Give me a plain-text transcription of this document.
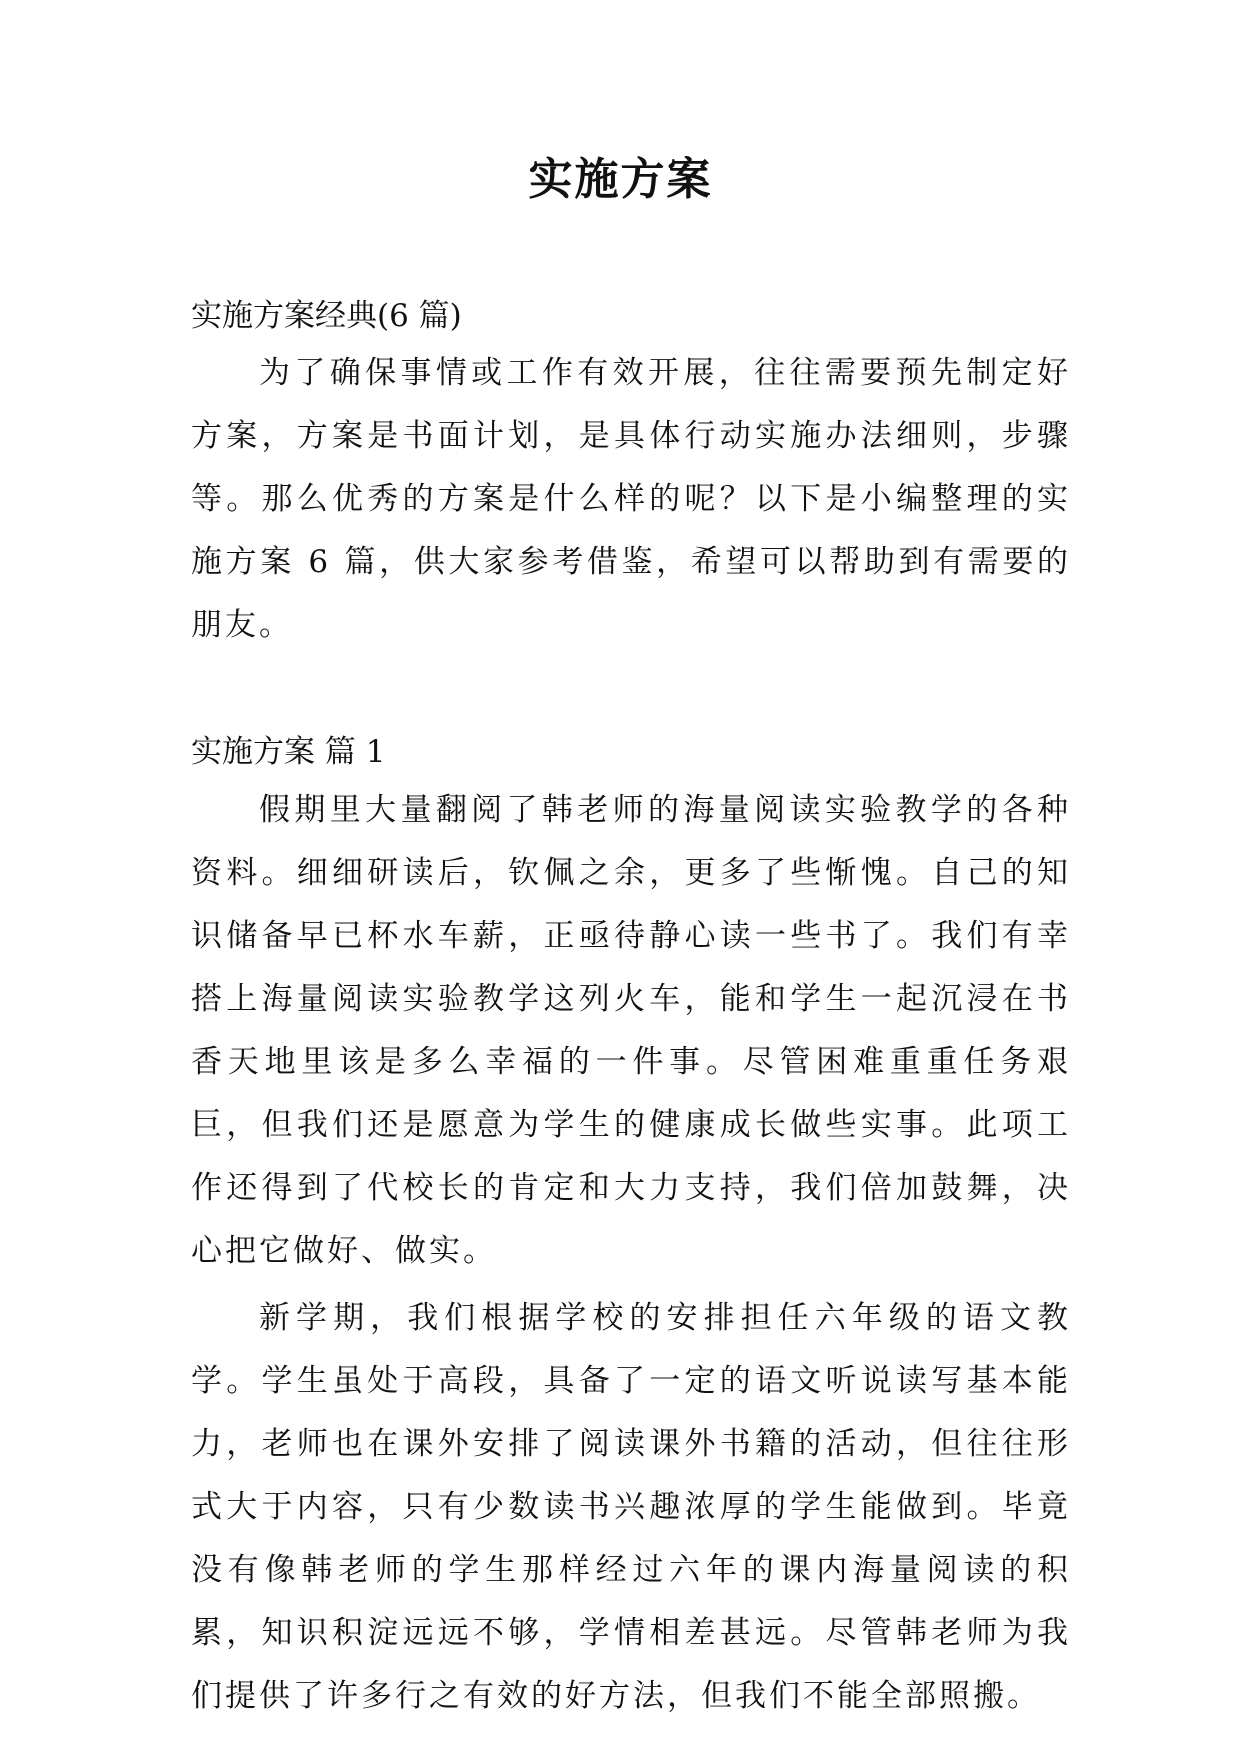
实施方案

实施方案经典(6 篇)

为了确保事情或工作有效开展，往往需要预先制定好方案，方案是书面计划，是具体行动实施办法细则，步骤等。那么优秀的方案是什么样的呢？以下是小编整理的实施方案 6 篇，供大家参考借鉴，希望可以帮助到有需要的朋友。

实施方案 篇 1

假期里大量翻阅了韩老师的海量阅读实验教学的各种资料。细细研读后，钦佩之余，更多了些惭愧。自己的知识储备早已杯水车薪，正亟待静心读一些书了。我们有幸搭上海量阅读实验教学这列火车，能和学生一起沉浸在书香天地里该是多么幸福的一件事。尽管困难重重任务艰巨，但我们还是愿意为学生的健康成长做些实事。此项工作还得到了代校长的肯定和大力支持，我们倍加鼓舞，决心把它做好、做实。

新学期，我们根据学校的安排担任六年级的语文教学。学生虽处于高段，具备了一定的语文听说读写基本能力，老师也在课外安排了阅读课外书籍的活动，但往往形式大于内容，只有少数读书兴趣浓厚的学生能做到。毕竟没有像韩老师的学生那样经过六年的课内海量阅读的积累，知识积淀远远不够，学情相差甚远。尽管韩老师为我们提供了许多行之有效的好方法，但我们不能全部照搬。
